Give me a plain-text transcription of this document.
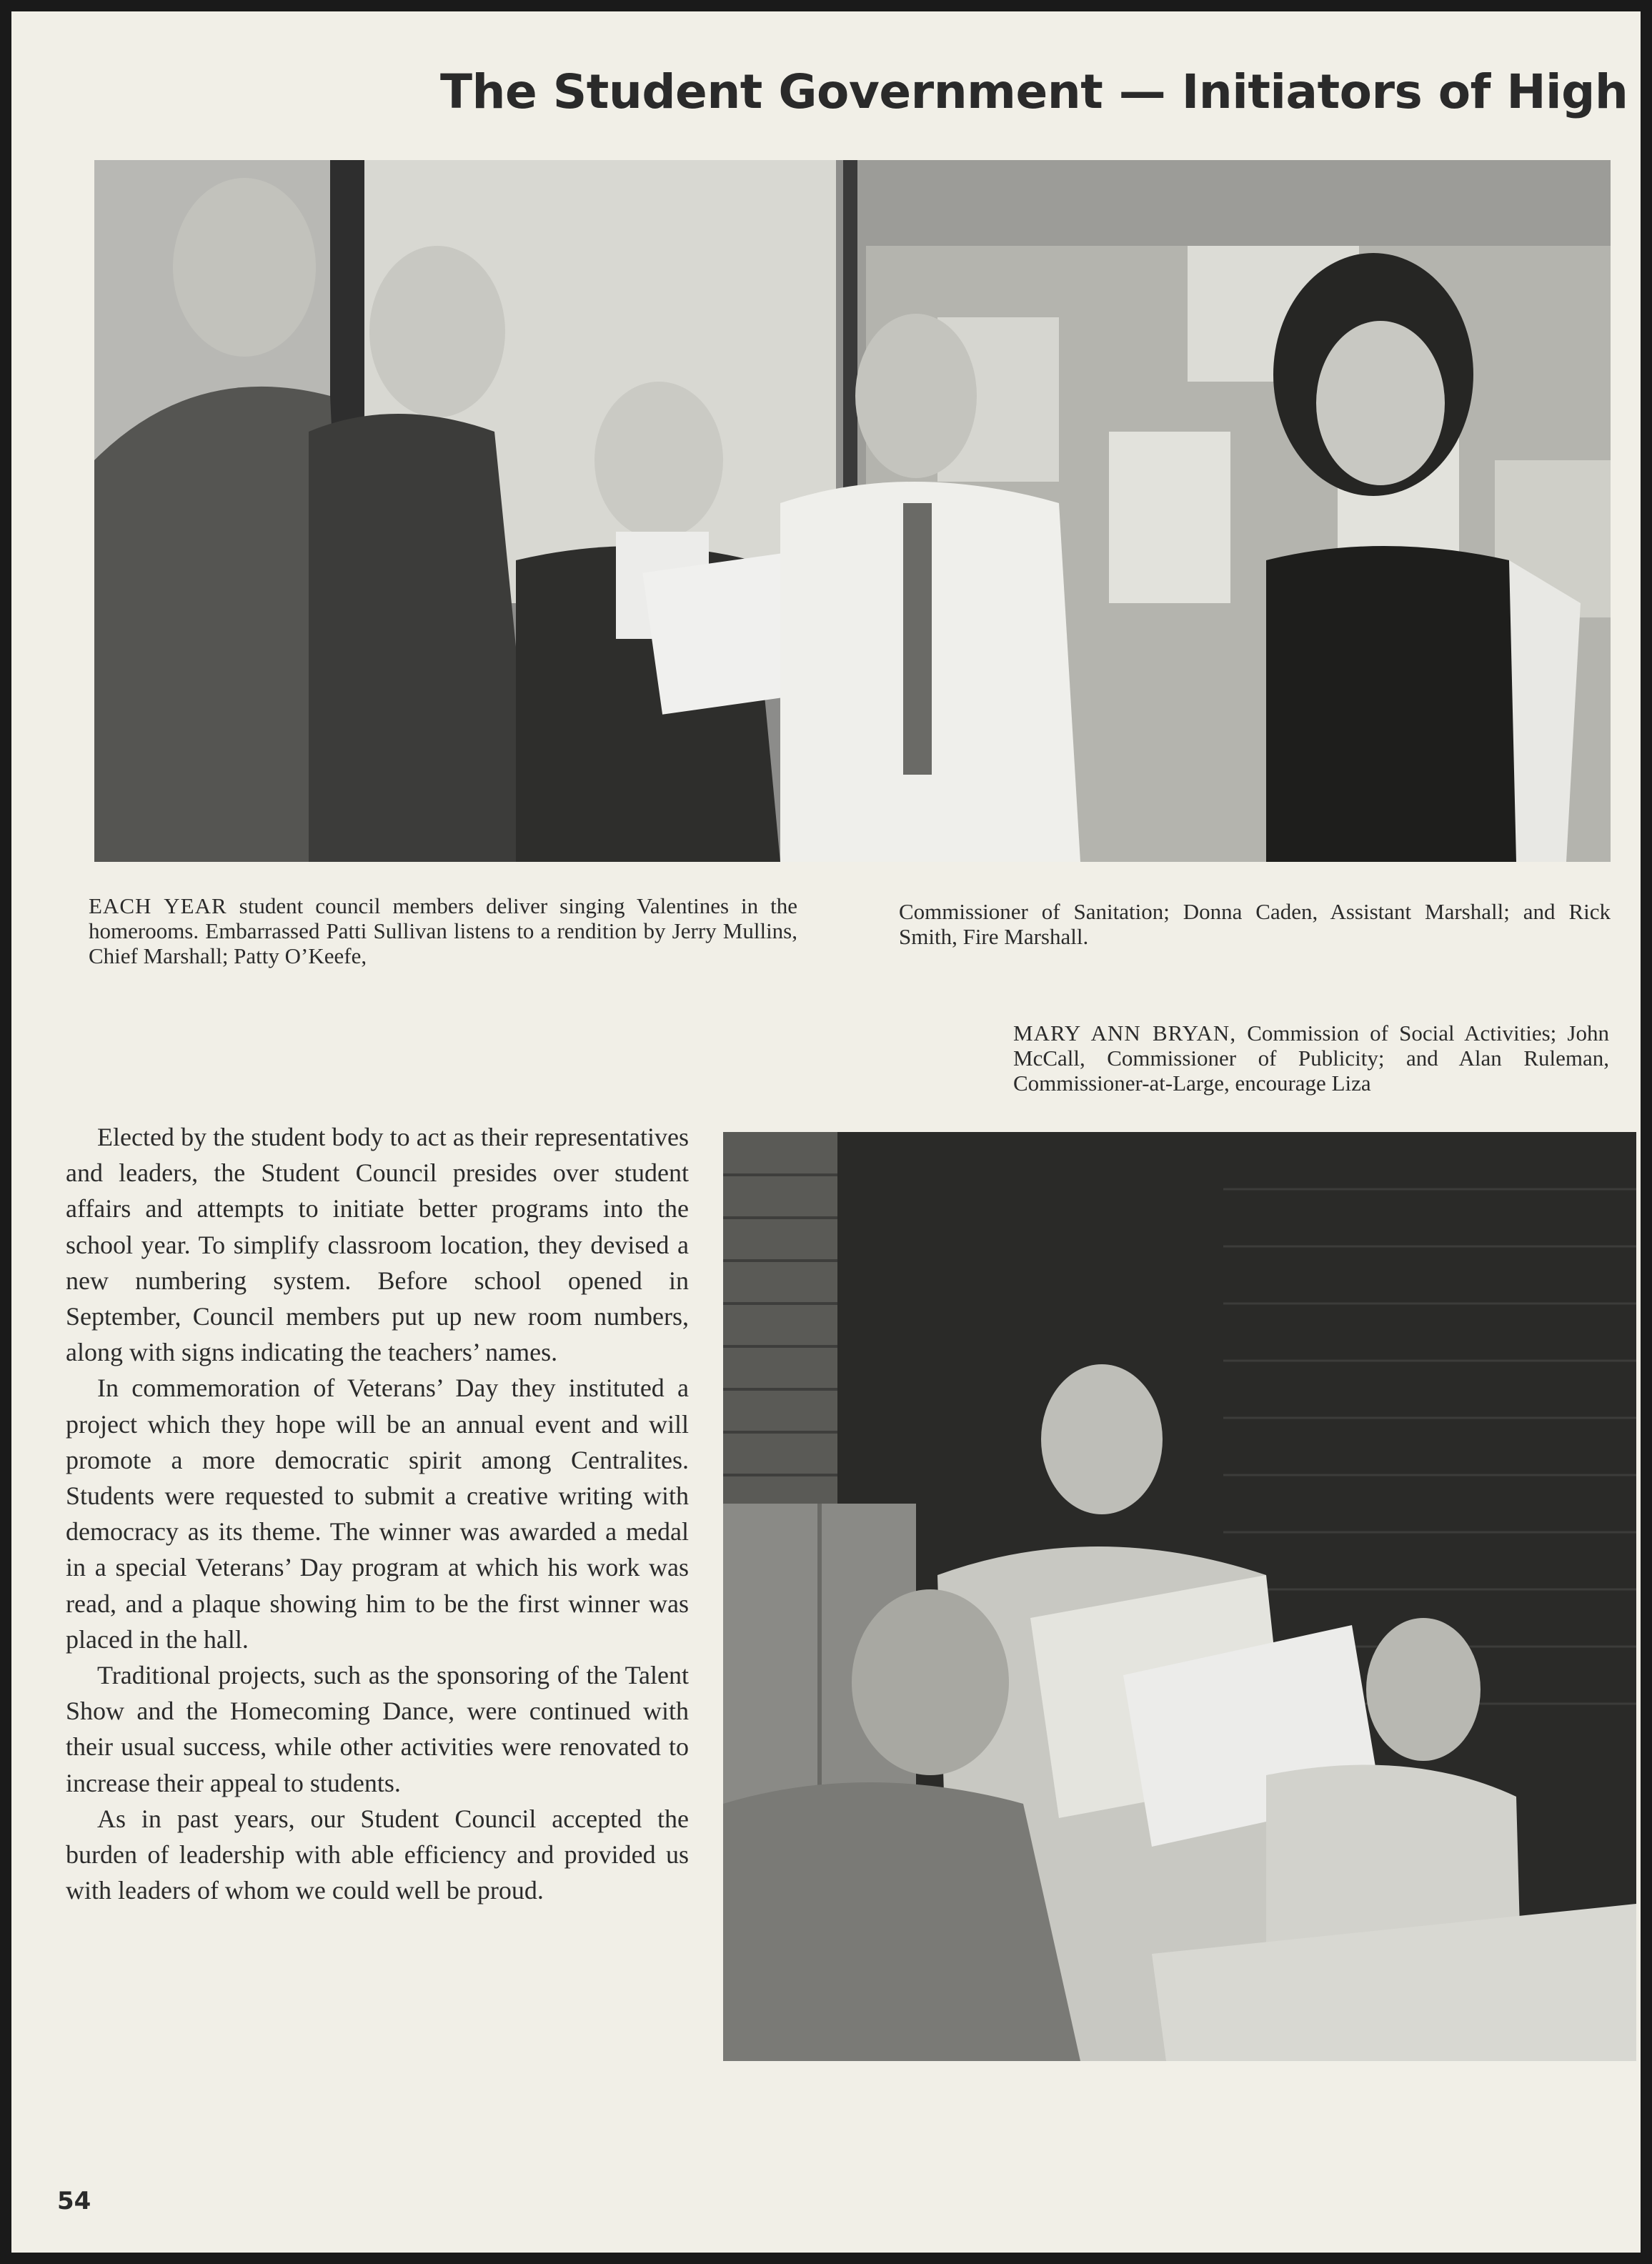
The Student Government — Initiators of High
EACH YEAR student council members deliver singing Valentines in the homerooms. Embarrassed Patti Sullivan listens to a rendition by Jerry Mullins, Chief Marshall; Patty O’Keefe,
Commissioner of Sanitation; Donna Caden, Assistant Marshall; and Rick Smith, Fire Marshall.
MARY ANN BRYAN, Commission of Social Activities; John McCall, Commissioner of Publicity; and Alan Ruleman, Commissioner-at-Large, encourage Liza

Elected by the student body to act as their representatives and leaders, the Student Council presides over student affairs and attempts to initiate better programs into the school year. To simplify classroom location, they devised a new numbering system. Before school opened in September, Council members put up new room numbers, along with signs indicating the teachers’ names.

In commemoration of Veterans’ Day they instituted a project which they hope will be an annual event and will promote a more democratic spirit among Centralites. Students were requested to submit a creative writing with democracy as its theme. The winner was awarded a medal in a special Veterans’ Day program at which his work was read, and a plaque showing him to be the first winner was placed in the hall.

Traditional projects, such as the sponsoring of the Talent Show and the Homecoming Dance, were continued with their usual success, while other activities were renovated to increase their appeal to students.

As in past years, our Student Council accepted the burden of leadership with able efficiency and provided us with leaders of whom we could well be proud.

54
